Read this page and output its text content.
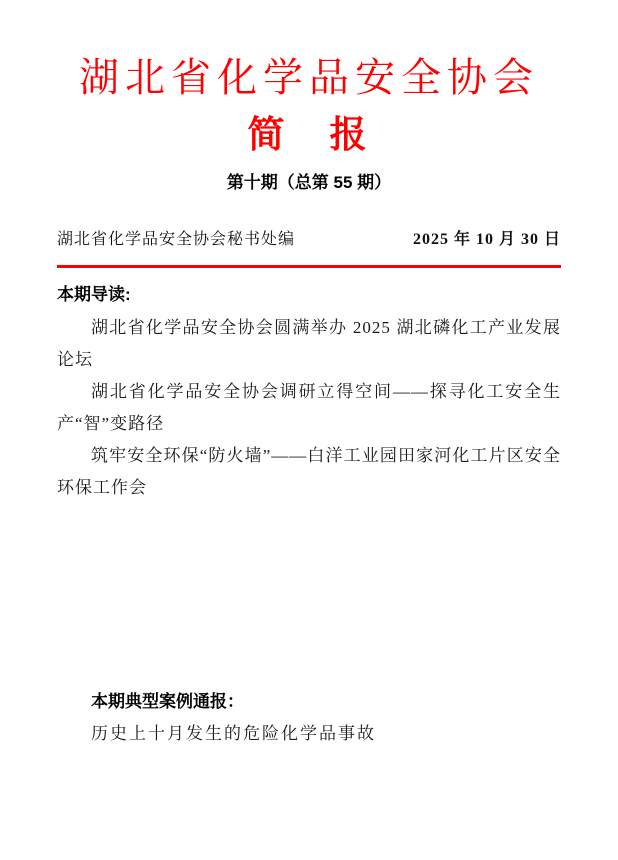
湖北省化学品安全协会
简　报
第十期（总第 55 期）
湖北省化学品安全协会秘书处编	2025 年 10 月 30 日
本期导读:

湖北省化学品安全协会圆满举办 2025 湖北磷化工产业发展论坛

湖北省化学品安全协会调研立得空间——探寻化工安全生产“智”变路径

筑牢安全环保“防火墙”——白洋工业园田家河化工片区安全环保工作会

本期典型案例通报：

历史上十月发生的危险化学品事故
